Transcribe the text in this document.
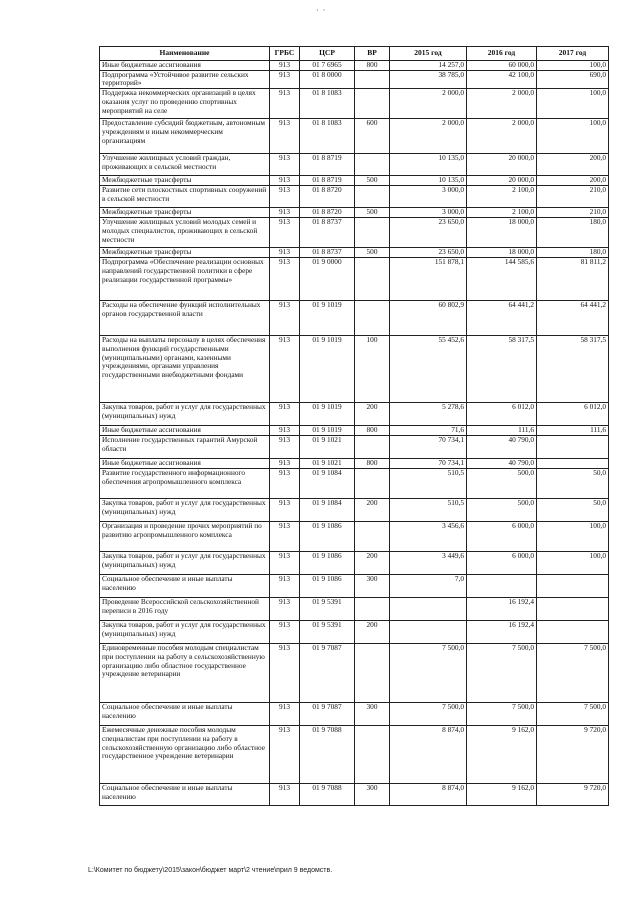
· ·
Наименование	ГРБС	ЦСР	ВР	2015 год	2016 год	2017 год
Иные бюджетные ассигнования	913	01 7 6965	800	14 257,0	60 000,0	100,0
Подпрограмма «Устойчивое развитие сельских территорий»	913	01 8 0000		38 785,0	42 100,0	690,0
Поддержка некоммерческих организаций в целях оказания услуг по проведению спортивных мероприятий на селе	913	01 8 1083		2 000,0	2 000,0	100,0
Предоставление субсидий бюджетным, автономным учреждениям и иным некоммерческим организациям	913	01 8 1083	600	2 000,0	2 000,0	100,0
Улучшение жилищных условий граждан, проживающих в сельской местности	913	01 8 8719		10 135,0	20 000,0	200,0
Межбюджетные трансферты	913	01 8 8719	500	10 135,0	20 000,0	200,0
Развитие сети плоскостных спортивных сооружений в сельской местности	913	01 8 8720		3 000,0	2 100,0	210,0
Межбюджетные трансферты	913	01 8 8720	500	3 000,0	2 100,0	210,0
Улучшение жилищных условий молодых семей и молодых специалистов, проживающих в сельской местности	913	01 8 8737		23 650,0	18 000,0	180,0
Межбюджетные трансферты	913	01 8 8737	500	23 650,0	18 000,0	180,0
Подпрограмма «Обеспечение реализации основных направлений государственной политики в сфере реализации государственной программы»	913	01 9 0000		151 878,1	144 585,6	81 811,2
Расходы на обеспечение функций исполнительных органов государственной власти	913	01 9 1019		60 802,9	64 441,2	64 441,2
Расходы на выплаты персоналу в целях обеспечения выполнения функций государственными (муниципальными) органами, казенными учреждениями, органами управления государственными внебюджетными фондами	913	01 9 1019	100	55 452,6	58 317,5	58 317,5
Закупка товаров, работ и услуг для государственных (муниципальных) нужд	913	01 9 1019	200	5 278,6	6 012,0	6 012,0
Иные бюджетные ассигнования	913	01 9 1019	800	71,6	111,6	111,6
Исполнение государственных гарантий Амурской области	913	01 9 1021		70 734,1	40 790,0	
Иные бюджетные ассигнования	913	01 9 1021	800	70 734,1	40 790,0	
Развитие государственного информационного обеспечения агропромышленного комплекса	913	01 9 1084		510,5	500,0	50,0
Закупка товаров, работ и услуг для государственных (муниципальных) нужд	913	01 9 1084	200	510,5	500,0	50,0
Организация и проведение прочих мероприятий по развитию агропромышленного комплекса	913	01 9 1086		3 456,6	6 000,0	100,0
Закупка товаров, работ и услуг для государственных (муниципальных) нужд	913	01 9 1086	200	3 449,6	6 000,0	100,0
Социальное обеспечение и иные выплаты населению	913	01 9 1086	300	7,0		
Проведение Всероссийской сельскохозяйственной переписи в 2016 году	913	01 9 5391			16 192,4	
Закупка товаров, работ и услуг для государственных (муниципальных) нужд	913	01 9 5391	200		16 192,4	
Единовременные пособия молодым специалистам при поступлении на работу в сельскохозяйственную организацию либо областное государственное учреждение ветеринарии	913	01 9 7087		7 500,0	7 500,0	7 500,0
Социальное обеспечение и иные выплаты населению	913	01 9 7087	300	7 500,0	7 500,0	7 500,0
Ежемесячные денежные пособия молодым специалистам при поступлении на работу в сельскохозяйственную организацию либо областное государственное учреждение ветеринарии	913	01 9 7088		8 874,0	9 162,0	9 720,0
Социальное обеспечение и иные выплаты населению	913	01 9 7088	300	8 874,0	9 162,0	9 720,0
L:\Комитет по бюджету\2015\закон\бюджет март\2 чтение\прил 9 ведомств.
